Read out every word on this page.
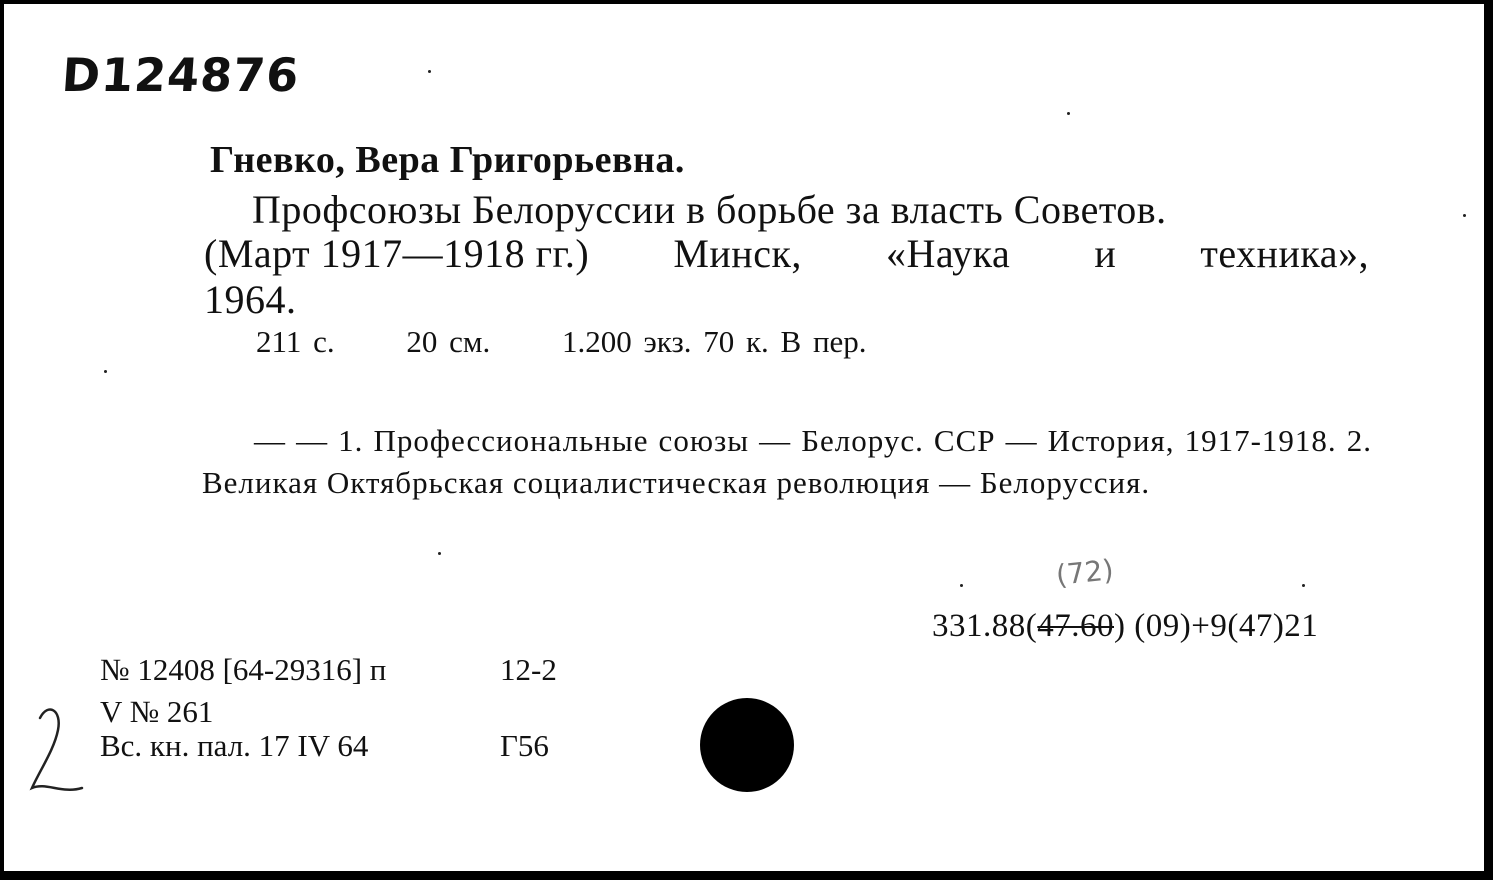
D124876
Гневко, Вера Григорьевна.
Профсоюзы Белоруссии в борьбе за власть Советов.
(Март 1917—1918 гг.) Минск, «Наука и техника»,
1964.
211 с. 20 см. 1.200 экз. 70 к. В пер.
— — 1. Профессиональные союзы — Белорус. ССР — История, 1917-1918. 2. Великая Октябрьская социалистическая революция — Белоруссия.
(72)
331.88(47.60) (09)+9(47)21
№ 12408 [64-29316] п	12-2
V № 261
Вс. кн. пал. 17 IV 64	Г56
